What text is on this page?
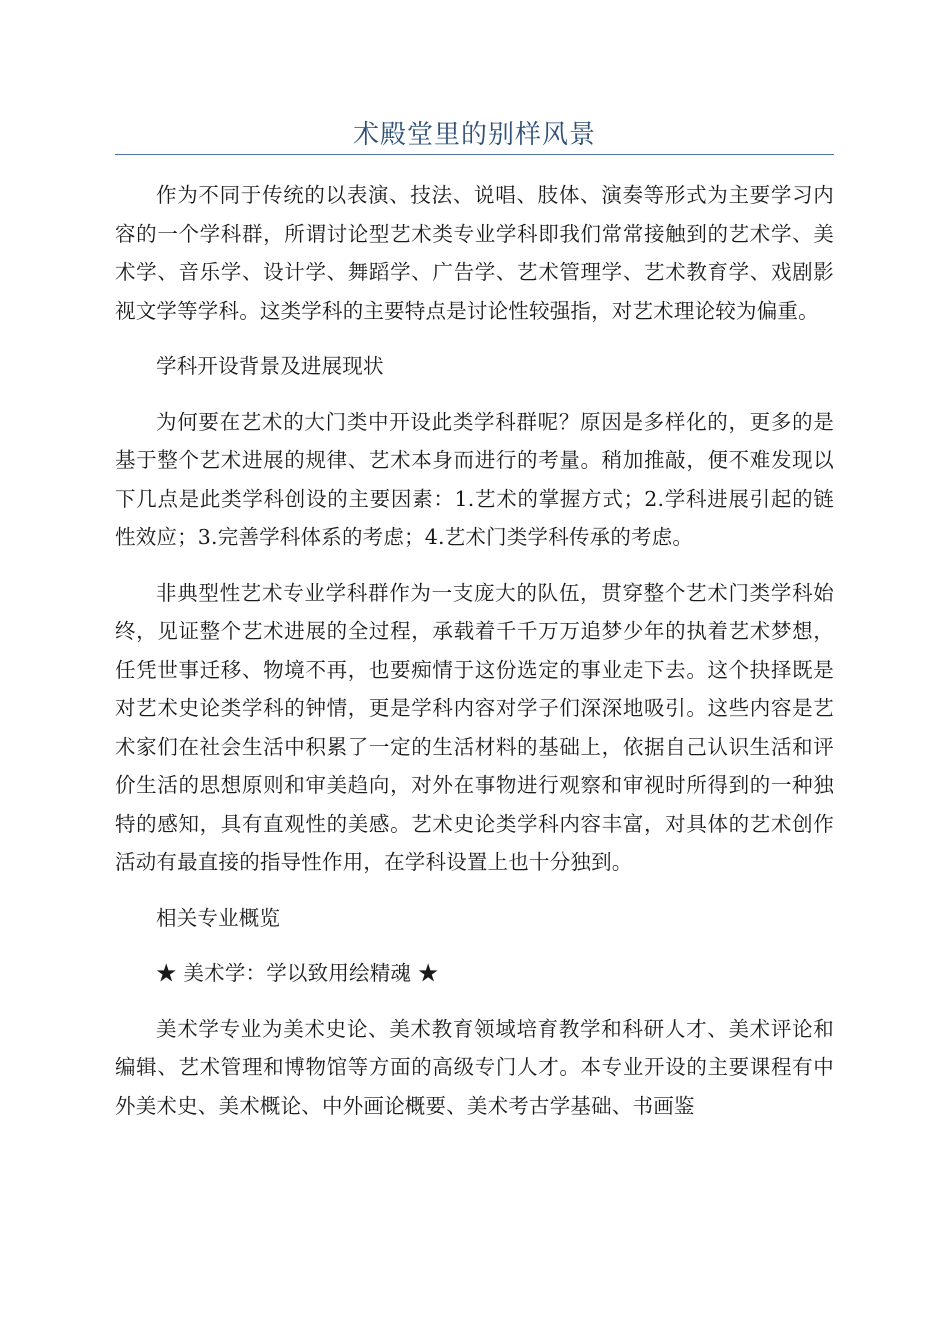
术殿堂里的别样风景

作为不同于传统的以表演、技法、说唱、肢体、演奏等形式为主要学习内容的一个学科群，所谓讨论型艺术类专业学科即我们常常接触到的艺术学、美术学、音乐学、设计学、舞蹈学、广告学、艺术管理学、艺术教育学、戏剧影视文学等学科。这类学科的主要特点是讨论性较强指，对艺术理论较为偏重。

学科开设背景及进展现状

为何要在艺术的大门类中开设此类学科群呢？原因是多样化的，更多的是基于整个艺术进展的规律、艺术本身而进行的考量。稍加推敲，便不难发现以下几点是此类学科创设的主要因素：1.艺术的掌握方式；2.学科进展引起的链性效应；3.完善学科体系的考虑；4.艺术门类学科传承的考虑。

非典型性艺术专业学科群作为一支庞大的队伍，贯穿整个艺术门类学科始终，见证整个艺术进展的全过程，承载着千千万万追梦少年的执着艺术梦想，任凭世事迁移、物境不再，也要痴情于这份选定的事业走下去。这个抉择既是对艺术史论类学科的钟情，更是学科内容对学子们深深地吸引。这些内容是艺术家们在社会生活中积累了一定的生活材料的基础上，依据自己认识生活和评价生活的思想原则和审美趋向，对外在事物进行观察和审视时所得到的一种独特的感知，具有直观性的美感。艺术史论类学科内容丰富，对具体的艺术创作活动有最直接的指导性作用，在学科设置上也十分独到。

相关专业概览

★ 美术学：学以致用绘精魂 ★

美术学专业为美术史论、美术教育领域培育教学和科研人才、美术评论和编辑、艺术管理和博物馆等方面的高级专门人才。本专业开设的主要课程有中外美术史、美术概论、中外画论概要、美术考古学基础、书画鉴
